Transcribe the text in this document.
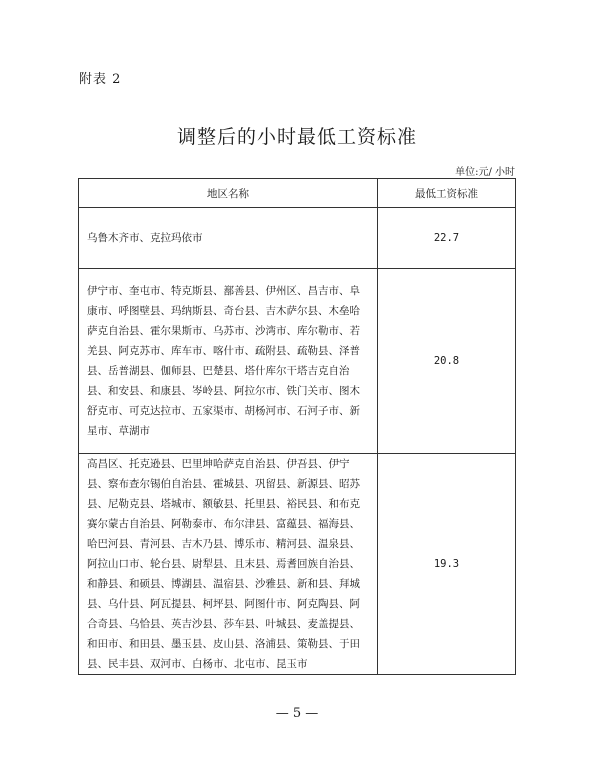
附表 2
调整后的小时最低工资标准
单位:元/ 小时
地区名称	最低工资标准
乌鲁木齐市、克拉玛依市	22.7
伊宁市、奎屯市、特克斯县、鄯善县、伊州区、昌吉市、阜康市、呼图壁县、玛纳斯县、奇台县、吉木萨尔县、木垒哈萨克自治县、霍尔果斯市、乌苏市、沙湾市、库尔勒市、若羌县、阿克苏市、库车市、喀什市、疏附县、疏勒县、泽普县、岳普湖县、伽师县、巴楚县、塔什库尔干塔吉克自治县、和安县、和康县、岑岭县、阿拉尔市、铁门关市、图木舒克市、可克达拉市、五家渠市、胡杨河市、石河子市、新星市、草湖市	20.8
高昌区、托克逊县、巴里坤哈萨克自治县、伊吾县、伊宁县、察布查尔锡伯自治县、霍城县、巩留县、新源县、昭苏县、尼勒克县、塔城市、额敏县、托里县、裕民县、和布克赛尔蒙古自治县、阿勒泰市、布尔津县、富蕴县、福海县、哈巴河县、青河县、吉木乃县、博乐市、精河县、温泉县、阿拉山口市、轮台县、尉犁县、且末县、焉耆回族自治县、和静县、和硕县、博湖县、温宿县、沙雅县、新和县、拜城县、乌什县、阿瓦提县、柯坪县、阿图什市、阿克陶县、阿合奇县、乌恰县、英吉沙县、莎车县、叶城县、麦盖提县、和田市、和田县、墨玉县、皮山县、洛浦县、策勒县、于田县、民丰县、双河市、白杨市、北屯市、昆玉市	19.3
— 5 —
